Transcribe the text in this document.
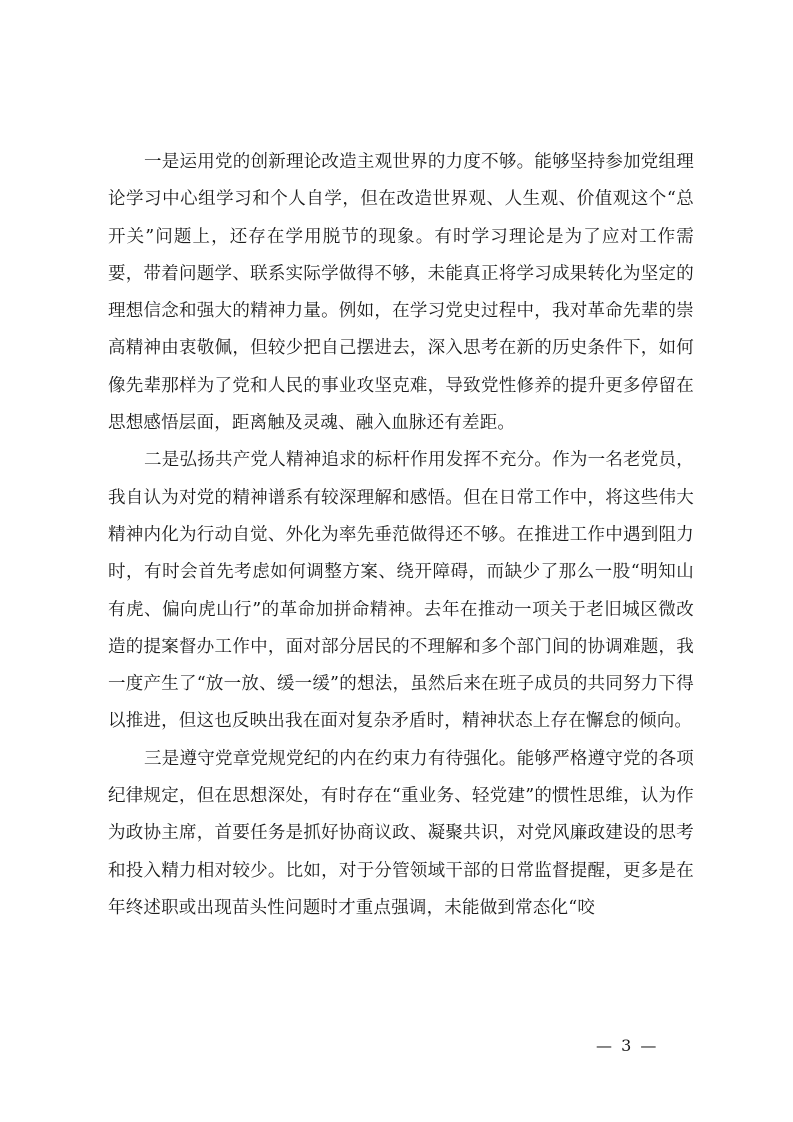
一是运用党的创新理论改造主观世界的力度不够。能够坚持参加党组理论学习中心组学习和个人自学，但在改造世界观、人生观、价值观这个“总开关”问题上，还存在学用脱节的现象。有时学习理论是为了应对工作需要，带着问题学、联系实际学做得不够，未能真正将学习成果转化为坚定的理想信念和强大的精神力量。例如，在学习党史过程中，我对革命先辈的崇高精神由衷敬佩，但较少把自己摆进去，深入思考在新的历史条件下，如何像先辈那样为了党和人民的事业攻坚克难，导致党性修养的提升更多停留在思想感悟层面，距离触及灵魂、融入血脉还有差距。

二是弘扬共产党人精神追求的标杆作用发挥不充分。作为一名老党员，我自认为对党的精神谱系有较深理解和感悟。但在日常工作中，将这些伟大精神内化为行动自觉、外化为率先垂范做得还不够。在推进工作中遇到阻力时，有时会首先考虑如何调整方案、绕开障碍，而缺少了那么一股“明知山有虎、偏向虎山行”的革命加拼命精神。去年在推动一项关于老旧城区微改造的提案督办工作中，面对部分居民的不理解和多个部门间的协调难题，我一度产生了“放一放、缓一缓”的想法，虽然后来在班子成员的共同努力下得以推进，但这也反映出我在面对复杂矛盾时，精神状态上存在懈怠的倾向。

三是遵守党章党规党纪的内在约束力有待强化。能够严格遵守党的各项纪律规定，但在思想深处，有时存在“重业务、轻党建”的惯性思维，认为作为政协主席，首要任务是抓好协商议政、凝聚共识，对党风廉政建设的思考和投入精力相对较少。比如，对于分管领域干部的日常监督提醒，更多是在年终述职或出现苗头性问题时才重点强调，未能做到常态化“咬

— 3 —
